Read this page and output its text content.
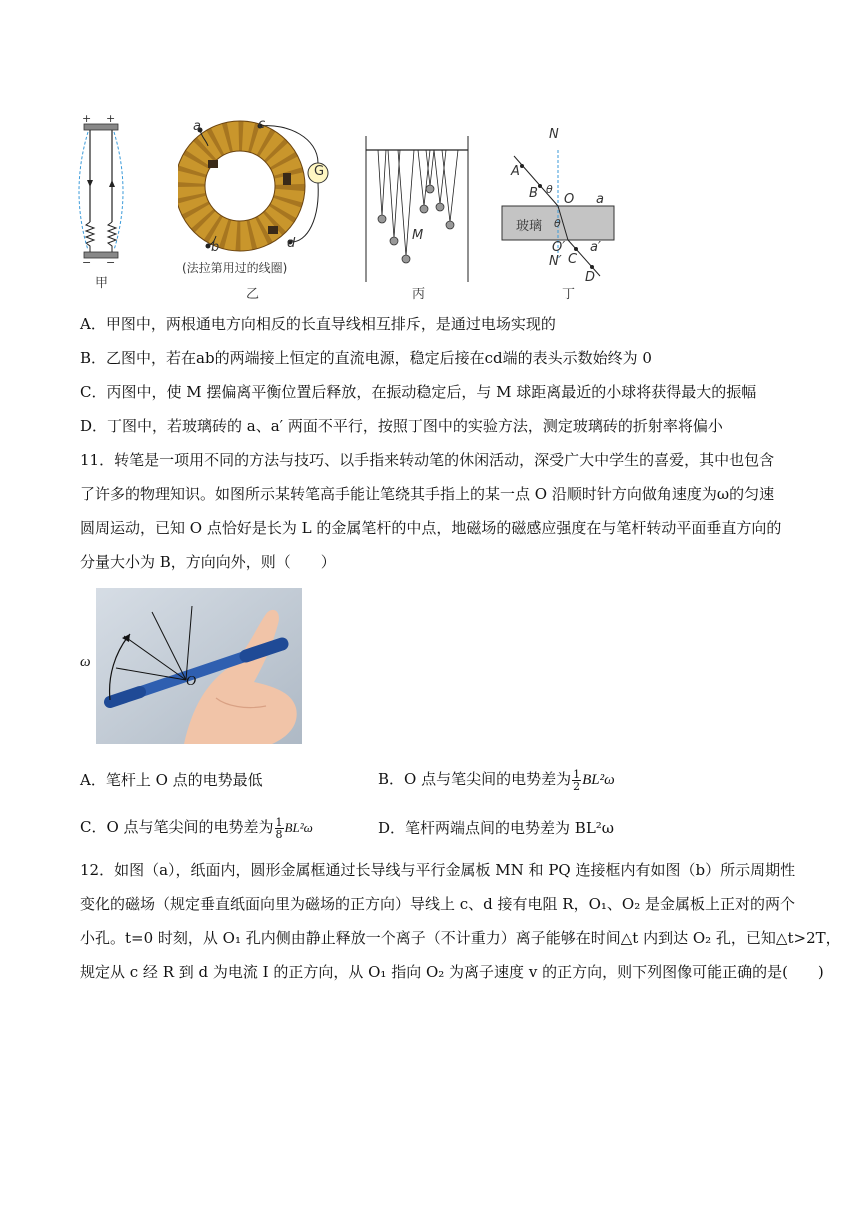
+ +
− −
甲
a	c
G
b	d
(法拉第用过的线圈)
乙
M
丙
N
A
B θ
O a
玻璃 θ
O′ a′
N′ C
D
丁
A．甲图中，两根通电方向相反的长直导线相互排斥，是通过电场实现的
B．乙图中，若在ab的两端接上恒定的直流电源，稳定后接在cd端的表头示数始终为 0
C．丙图中，使 M 摆偏离平衡位置后释放，在振动稳定后，与 M 球距离最近的小球将获得最大的振幅
D．丁图中，若玻璃砖的 a、a′ 两面不平行，按照丁图中的实验方法，测定玻璃砖的折射率将偏小
11．转笔是一项用不同的方法与技巧、以手指来转动笔的休闲活动，深受广大中学生的喜爱，其中也包含
了许多的物理知识。如图所示某转笔高手能让笔绕其手指上的某一点 O 沿顺时针方向做角速度为ω的匀速
圆周运动，已知 O 点恰好是长为 L 的金属笔杆的中点，地磁场的磁感应强度在与笔杆转动平面垂直方向的
分量大小为 B，方向向外，则（　　）
ω
O
A．笔杆上 O 点的电势最低	B．O 点与笔尖间的电势差为 $\frac{1}{2} BL^2\omega$
C．O 点与笔尖间的电势差为 $\frac{1}{8} BL^2\omega$	D．笔杆两端点间的电势差为 BL²ω
12．如图（a），纸面内，圆形金属框通过长导线与平行金属板 MN 和 PQ 连接框内有如图（b）所示周期性
变化的磁场（规定垂直纸面向里为磁场的正方向）导线上 c、d 接有电阻 R，O₁、O₂ 是金属板上正对的两个
小孔。t=0 时刻，从 O₁ 孔内侧由静止释放一个离子（不计重力）离子能够在时间△t 内到达 O₂ 孔，已知△t>2T，
规定从 c 经 R 到 d 为电流 I 的正方向，从 O₁ 指向 O₂ 为离子速度 v 的正方向，则下列图像可能正确的是(　　)
